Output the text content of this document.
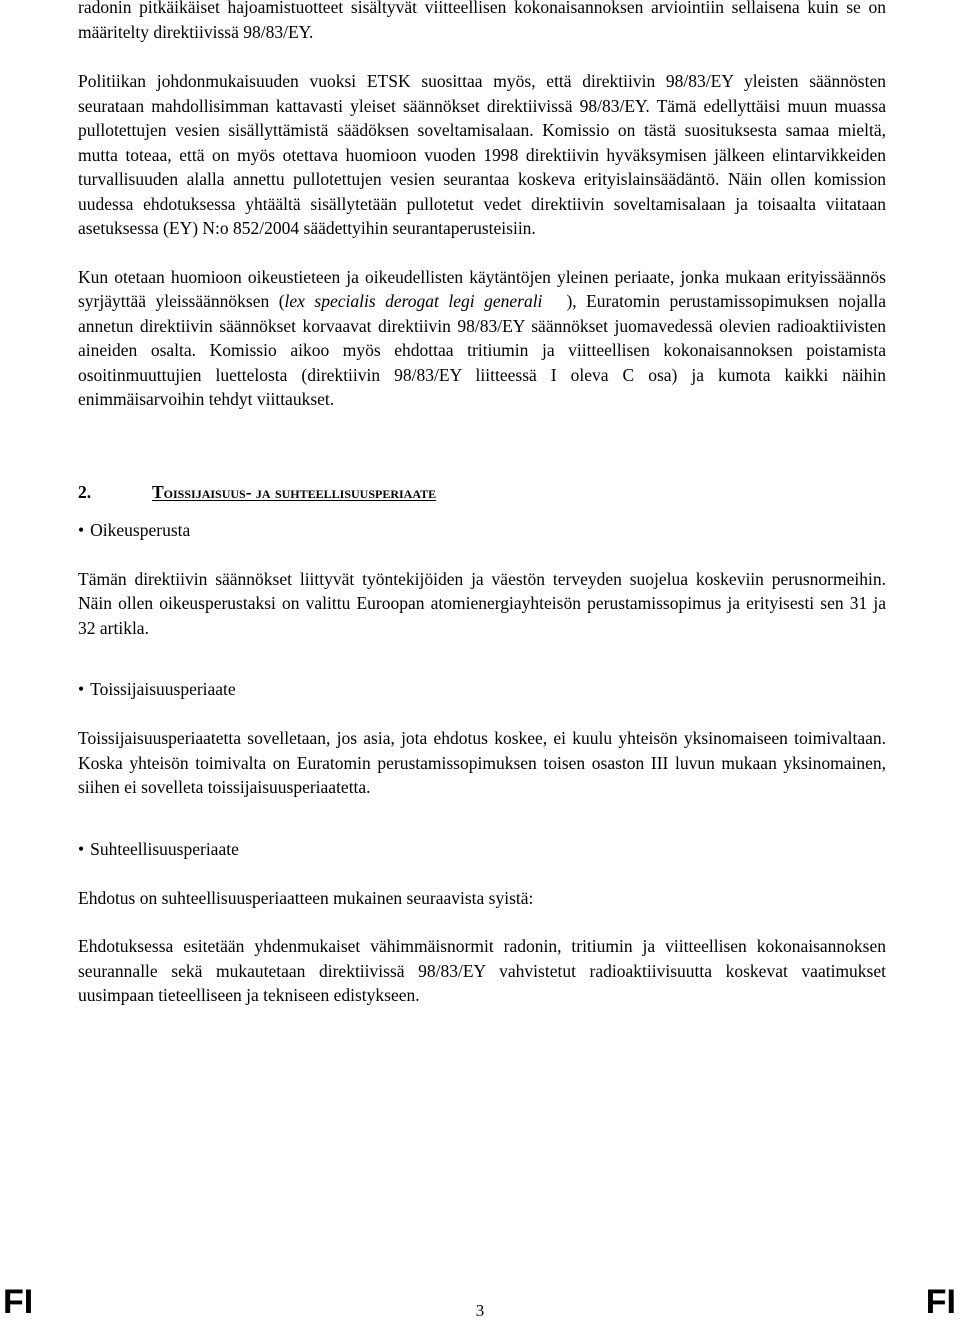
radonin pitkäikäiset hajoamistuotteet sisältyvät viitteellisen kokonaisannoksen arviointiin sellaisena kuin se on määritelty direktiivissä 98/83/EY.

Politiikan johdonmukaisuuden vuoksi ETSK suosittaa myös, että direktiivin 98/83/EY yleisten säännösten seurataan mahdollisimman kattavasti yleiset säännökset direktiivissä 98/83/EY. Tämä edellyttäisi muun muassa pullotettujen vesien sisällyttämistä säädöksen soveltamisalaan. Komissio on tästä suosituksesta samaa mieltä, mutta toteaa, että on myös otettava huomioon vuoden 1998 direktiivin hyväksymisen jälkeen elintarvikkeiden turvallisuuden alalla annettu pullotettujen vesien seurantaa koskeva erityislainsäädäntö. Näin ollen komission uudessa ehdotuksessa yhtäältä sisällytetään pullotetut vedet direktiivin soveltamisalaan ja toisaalta viitataan asetuksessa (EY) N:o 852/2004 säädettyihin seurantaperusteisiin.

Kun otetaan huomioon oikeustieteen ja oikeudellisten käytäntöjen yleinen periaate, jonka mukaan erityissäännös syrjäyttää yleissäännöksen (lex specialis derogat legi generali ), Euratomin perustamissopimuksen nojalla annetun direktiivin säännökset korvaavat direktiivin 98/83/EY säännökset juomavedessä olevien radioaktiivisten aineiden osalta. Komissio aikoo myös ehdottaa tritiumin ja viitteellisen kokonaisannoksen poistamista osoitinmuuttujien luettelosta (direktiivin 98/83/EY liitteessä I oleva C osa) ja kumota kaikki näihin enimmäisarvoihin tehdyt viittaukset.

2.	Toissijaisuus- ja suhteellisuusperiaate
• Oikeusperusta

Tämän direktiivin säännökset liittyvät työntekijöiden ja väestön terveyden suojelua koskeviin perusnormeihin. Näin ollen oikeusperustaksi on valittu Euroopan atomienergiayhteisön perustamissopimus ja erityisesti sen 31 ja 32 artikla.

• Toissijaisuusperiaate

Toissijaisuusperiaatetta sovelletaan, jos asia, jota ehdotus koskee, ei kuulu yhteisön yksinomaiseen toimivaltaan. Koska yhteisön toimivalta on Euratomin perustamissopimuksen toisen osaston III luvun mukaan yksinomainen, siihen ei sovelleta toissijaisuusperiaatetta.

• Suhteellisuusperiaate

Ehdotus on suhteellisuusperiaatteen mukainen seuraavista syistä:

Ehdotuksessa esitetään yhdenmukaiset vähimmäisnormit radonin, tritiumin ja viitteellisen kokonaisannoksen seurannalle sekä mukautetaan direktiivissä 98/83/EY vahvistetut radioaktiivisuutta koskevat vaatimukset uusimpaan tieteelliseen ja tekniseen edistykseen.

FI	3	FI
